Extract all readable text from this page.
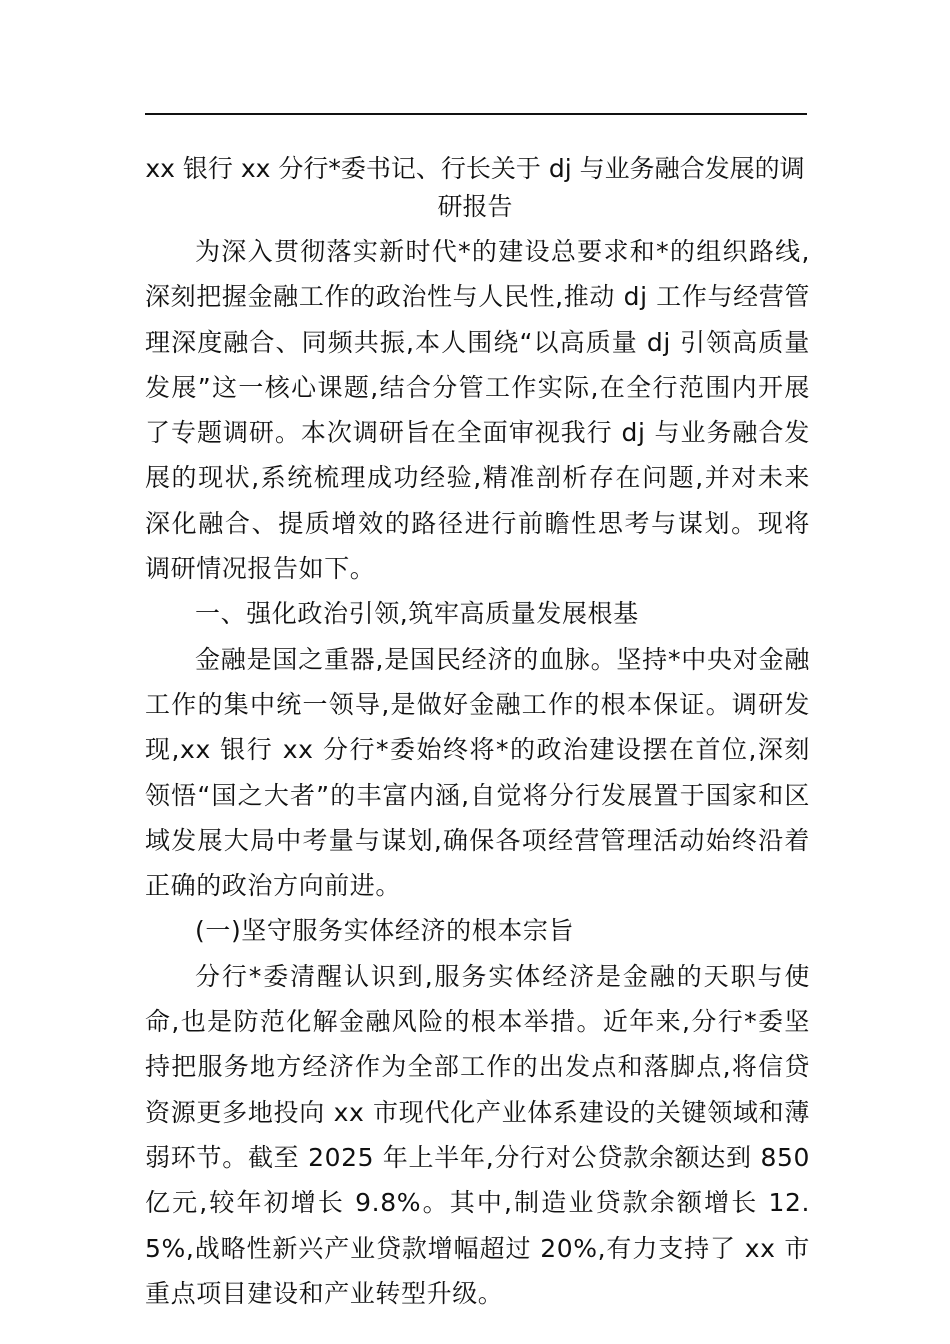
xx 银行 xx 分行*委书记、行长关于 dj 与业务融合发展的调研报告

为深入贯彻落实新时代*的建设总要求和*的组织路线,深刻把握金融工作的政治性与人民性,推动 dj 工作与经营管理深度融合、同频共振,本人围绕“以高质量 dj 引领高质量发展”这一核心课题,结合分管工作实际,在全行范围内开展了专题调研。本次调研旨在全面审视我行 dj 与业务融合发展的现状,系统梳理成功经验,精准剖析存在问题,并对未来深化融合、提质增效的路径进行前瞻性思考与谋划。现将调研情况报告如下。

一、强化政治引领,筑牢高质量发展根基

金融是国之重器,是国民经济的血脉。坚持*中央对金融工作的集中统一领导,是做好金融工作的根本保证。调研发现,xx 银行 xx 分行*委始终将*的政治建设摆在首位,深刻领悟“国之大者”的丰富内涵,自觉将分行发展置于国家和区域发展大局中考量与谋划,确保各项经营管理活动始终沿着正确的政治方向前进。

(一)坚守服务实体经济的根本宗旨

分行*委清醒认识到,服务实体经济是金融的天职与使命,也是防范化解金融风险的根本举措。近年来,分行*委坚持把服务地方经济作为全部工作的出发点和落脚点,将信贷资源更多地投向 xx 市现代化产业体系建设的关键领域和薄弱环节。截至 2025 年上半年,分行对公贷款余额达到 850 亿元,较年初增长 9.8%。其中,制造业贷款余额增长 12.5%,战略性新兴产业贷款增幅超过 20%,有力支持了 xx 市重点项目建设和产业转型升级。
